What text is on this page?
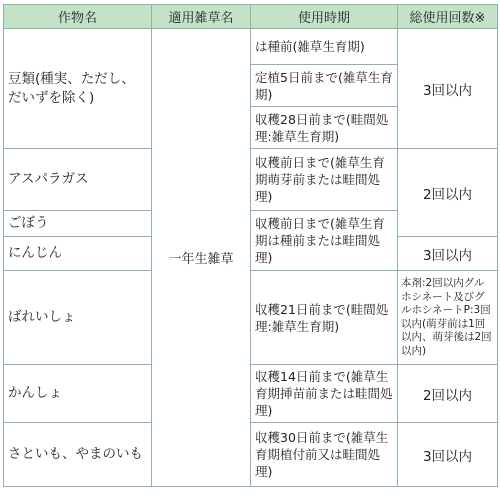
作物名	適用雑草名	使用時期	総使用回数※
豆類(種実、ただし、だいずを除く)	一年生雑草	は種前(雑草生育期)	3回以内
		定植5日前まで(雑草生育期)	
		収穫28日前まで(畦間処理:雑草生育期)	
アスパラガス		収穫前日まで(雑草生育期萌芽前または畦間処理)	2回以内
ごぼう		収穫前日まで(雑草生育期は種前または畦間処理)	
にんじん			3回以内
ばれいしょ		収穫21日前まで(畦間処理:雑草生育期)	本剤:2回以内グルホシネート及びグルホシネートP:3回以内(萌芽前は1回以内、萌芽後は2回以内)
かんしょ		収穫14日前まで(雑草生育期挿苗前または畦間処理)	2回以内
さといも、やまのいも		収穫30日前まで(雑草生育期植付前又は畦間処理)	3回以内
